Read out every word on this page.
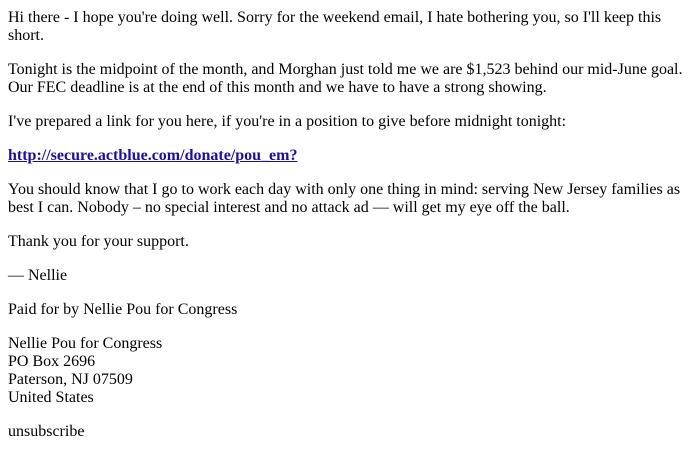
Hi there - I hope you're doing well. Sorry for the weekend email, I hate bothering you, so I'll keep this short.

Tonight is the midpoint of the month, and Morghan just told me we are $1,523 behind our mid-June goal. Our FEC deadline is at the end of this month and we have to have a strong showing.

I've prepared a link for you here, if you're in a position to give before midnight tonight:

http://secure.actblue.com/donate/pou_em?

You should know that I go to work each day with only one thing in mind: serving New Jersey families as best I can. Nobody – no special interest and no attack ad — will get my eye off the ball.

Thank you for your support.

— Nellie

Paid for by Nellie Pou for Congress

Nellie Pou for Congress
PO Box 2696
Paterson, NJ 07509
United States

unsubscribe
